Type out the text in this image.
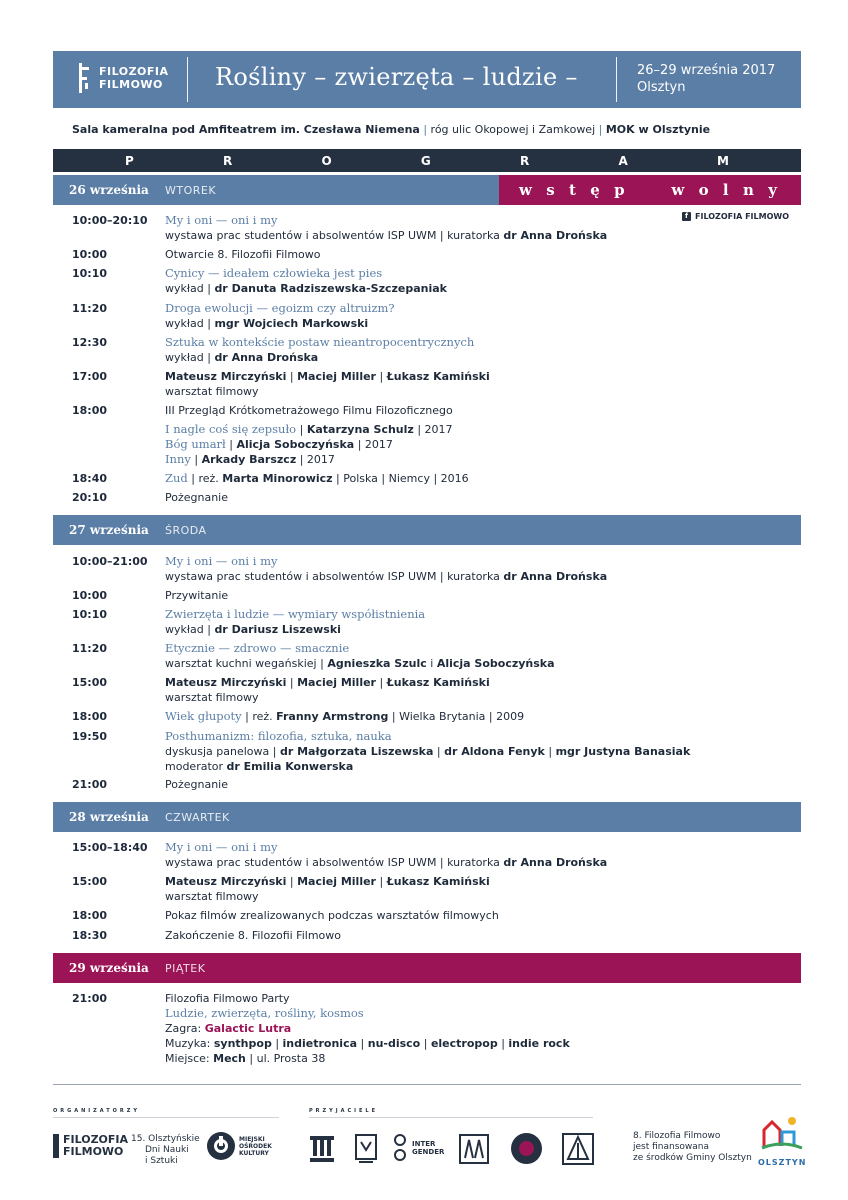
FILOZOFIA
FILMOWO Rośliny – zwierzęta – ludzie –	26–29 września 2017
Olsztyn
Sala kameralna pod Amfiteatrem im. Czesława Niemena | róg ulic Okopowej i Zamkowej | MOK w Olsztynie
P	R	O	G	R	A	M
26 września	WTOREK	w s t ę p	w o l n y
f FILOZOFIA FILMOWO
10:00–20:10	My i oni — oni i my
wystawa prac studentów i absolwentów ISP UWM | kuratorka dr Anna Drońska
10:00	Otwarcie 8. Filozofii Filmowo
10:10	Cynicy — ideałem człowieka jest pies
wykład | dr Danuta Radziszewska-Szczepaniak
11:20	Droga ewolucji — egoizm czy altruizm?
wykład | mgr Wojciech Markowski
12:30	Sztuka w kontekście postaw nieantropocentrycznych
wykład | dr Anna Drońska
17:00	Mateusz Mirczyński | Maciej Miller | Łukasz Kamiński
warsztat filmowy
18:00	III Przegląd Krótkometrażowego Filmu Filozoficznego
I nagle coś się zepsuło | Katarzyna Schulz | 2017
Bóg umarł | Alicja Soboczyńska | 2017
Inny | Arkady Barszcz | 2017
18:40	Zud | reż. Marta Minorowicz | Polska | Niemcy | 2016
20:10	Pożegnanie
27 września	ŚRODA
10:00–21:00	My i oni — oni i my
wystawa prac studentów i absolwentów ISP UWM | kuratorka dr Anna Drońska
10:00	Przywitanie
10:10	Zwierzęta i ludzie — wymiary współistnienia
wykład | dr Dariusz Liszewski
11:20	Etycznie — zdrowo — smacznie
warsztat kuchni wegańskiej | Agnieszka Szulc i Alicja Soboczyńska
15:00	Mateusz Mirczyński | Maciej Miller | Łukasz Kamiński
warsztat filmowy
18:00	Wiek głupoty | reż. Franny Armstrong | Wielka Brytania | 2009
19:50	Posthumanizm: filozofia, sztuka, nauka
dyskusja panelowa | dr Małgorzata Liszewska | dr Aldona Fenyk | mgr Justyna Banasiak
moderator dr Emilia Konwerska
21:00	Pożegnanie
28 września	CZWARTEK
15:00–18:40	My i oni — oni i my
wystawa prac studentów i absolwentów ISP UWM | kuratorka dr Anna Drońska
15:00	Mateusz Mirczyński | Maciej Miller | Łukasz Kamiński
warsztat filmowy
18:00	Pokaz filmów zrealizowanych podczas warsztatów filmowych
18:30	Zakończenie 8. Filozofii Filmowo
29 września	PIĄTEK
21:00	Filozofia Filmowo Party
Ludzie, zwierzęta, rośliny, kosmos
Zagra: Galactic Lutra
Muzyka: synthpop | indietronica | nu-disco | electropop | indie rock
Miejsce: Mech | ul. Prosta 38
ORGANIZATORZY	PRZYJACIELE
FILOZOFIA
FILMOWO
15. Olsztyńskie
Dni Nauki
i Sztuki
MIEJSKI
OŚRODEK
KULTURY
INTER
GENDER
8. Filozofia Filmowo
jest finansowana
ze środków Gminy Olsztyn OLSZTYN
